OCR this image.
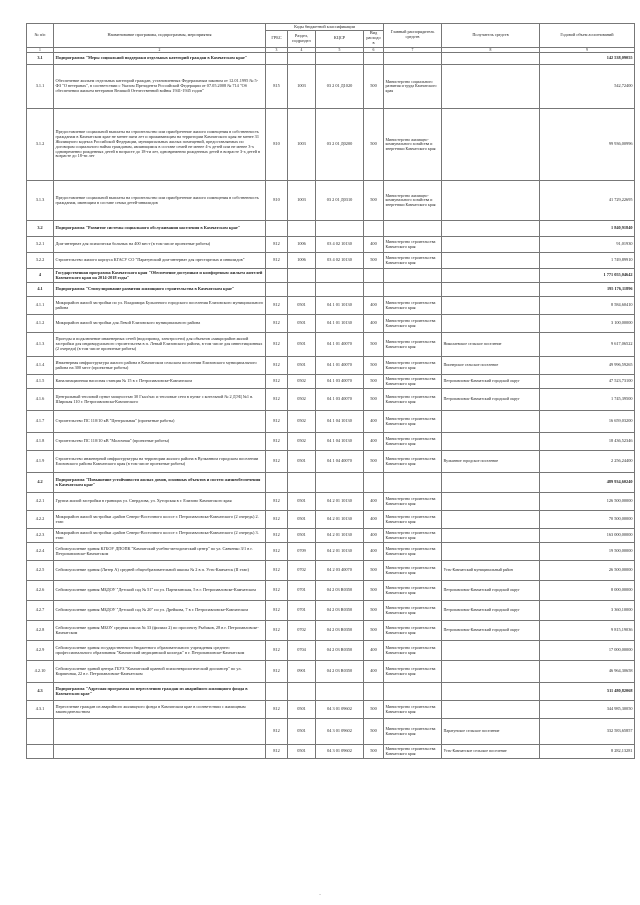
№ п/п	Наименование программы, подпрограммы, мероприятия	Коды бюджетной классификации				Главный распорядитель средств	Получатель средств	Годовой объем ассигнований
		ГРБС	Раздел, подраздел	КЦСР	Вид расходов			
1	2	3	4	5	6	7	8	9
3.1	Подпрограмма "Меры социальной поддержки отдельных категорий граждан в Камчатском крае"							142 538,09055
3.1.1	Обеспечение жильем отдельных категорий граждан, установленных Федеральным законом от 12.01.1995 № 5-ФЗ "О ветеранах", в соответствии с Указом Президента Российской Федерации от 07.05.2008 № 714 "Об обеспечении жильем ветеранов Великой Отечественной войны 1941-1945 годов"	815	1003	03 2 01 Д1020	500	Министерство социального развития и труда Камчатского края		542,72400
3.1.2	Предоставление социальной выплаты на строительство или приобретение жилого помещения в собственность гражданам в Камчатском крае не менее пяти лет и проживающим на территории Камчатского края не менее 31 Жилищного кодекса Российской Федерации, муниципальных жилых помещений, предоставляемых по договорам социального найма гражданам, являющимся в составе семей не менее 4-х детей или не менее 3-х одновременно рожденных детей в возрасте до 18-ти лет, одновременно рожденных детей в возрасте 3-х детей в возрасте до 18-ти лет	810	1003	03 2 01 Д0200	500	Министерство жилищно-коммунального хозяйства и энергетики Камчатского края		99 936,00996
3.1.3	Предоставление социальной выплаты на строительство или приобретение жилого помещения в собственность гражданам, имеющим в составе семьи детей-инвалидов	810	1003	03 2 01 Д0310	500	Министерство жилищно-коммунального хозяйства и энергетики Камчатского края		41 729,22695
3.2	Подпрограмма "Развитие системы социального обслуживания населения в Камчатском крае"							1 840,91840
3.2.1	Дом-интернат для психически больных на 400 мест (в том числе проектные работы)	812	1006	03 4 02 10130	400	Министерство строительства Камчатского края		91,01930
3.2.2	Строительство жилого корпуса КГАСУ СО "Паратунский дом-интернат для престарелых и инвалидов"	812	1006	03 4 02 10130	500	Министерство строительства Камчатского края		1 749,89910
4	Государственная программа Камчатского края "Обеспечение доступным и комфортным жильем жителей Камчатского края на 2014-2018 годы"							1 771 055,04642
4.1	Подпрограмма "Стимулирование развития жилищного строительства в Камчатском крае"							195 176,11896
4.1.1	Микрорайон жилой застройки по ул. Владимира Бульонного городского поселения Елизовского муниципального района	812	0501	04 1 01 10130	400	Министерство строительства Камчатского края		8 584,60410
4.1.2	Микрорайон жилой застройки для Левой Елизовского муниципального района	812	0501	04 1 01 10130	400	Министерство строительства Камчатского края		3 100,00000
4.1.3	Проезды и подключение инженерных сетей (водопровод, электросети) для объектов «микрорайон жилой застройки для индивидуального строительства в п. Левый Елизовского района, в том числе для инвестиционных (2 очереди) (в том числе проектные работы)	812	0501	04 1 01 40070	500	Министерство строительства Камчатского края	Николаевское сельское поселение	9 617,06522
4.1.4	Инженерная инфраструктура жилого района в Камчатском сельском поселении Елизовского муниципального района на 300 мест (проектные работы)	812	0501	04 1 01 40070	500	Министерство строительства Камчатского края	Пионерское сельское поселение	49 996,59265
4.1.5	Канализационная насосная станция № 15 в г. Петропавловске-Камчатском	812	0502	04 1 03 40070	500	Министерство строительства Камчатского края	Петропавловск-Камчатский городской округ	47 523,73100
4.1.6	Центральный тепловой пункт мощностью 30 Гкал/час и тепловые сети в пункт с котельной № 2 ДЭЦ №1 в. Широкая 110 г. Петропавловска-Камчатского	812	0502	04 1 03 40070	500	Министерство строительства Камчатского края	Петропавловск-Камчатский городской округ	1 745,39500
4.1.7	Строительство ПС 110/10 кВ "Центральная" (проектные работы)	812	0502	04 1 04 10130	400	Министерство строительства Камчатского края		16 659,03200
4.1.8	Строительство ПС 110/10 кВ "Молочная" (проектные работы)	812	0502	04 1 04 10130	400	Министерство строительства Камчатского края		18 436,52346
4.1.9	Строительство инженерной инфраструктуры на территории жилого района в Вулканном городском поселении Елизовского района Камчатского края (в том числе проектные работы)	812	0501	04 1 04 40070	500	Министерство строительства Камчатского края	Вулканное городское поселение	2 256,24400
4.2	Подпрограмма "Повышение устойчивости жилых домов, основных объектов и систем жизнеобеспечения в Камчатском крае"							489 934,60240
4.2.1	Группа жилой застройки в границах ул. Свердлова, ул. Хуторская в г. Елизово Камчатского края	812	0501	04 2 01 10130	400	Министерство строительства Камчатского края		126 500,00000
4.2.2	Микрорайон жилой застройки «район Северо-Восточного шоссе г. Петропавловска-Камчатского (2 очередь) 2. этап	812	0501	04 2 01 10130	400	Министерство строительства Камчатского края		70 500,00000
4.2.3	Микрорайон жилой застройки «район Северо-Восточного шоссе г. Петропавловска-Камчатского (2 очередь) 3. этап	812	0501	04 2 01 10130	400	Министерство строительства Камчатского края		163 000,00000
4.2.4	Сейсмоусиление здания КГБОУ ДПОПК "Камчатский учебно-методический центр" по ул. Савченко 3/1 в г. Петропавловске-Камчатском	812	0709	04 2 01 10130	400	Министерство строительства Камчатского края		19 500,00000
4.2.5	Сейсмоусиление здания (Литер А) средней общеобразовательной школы № 2 в п. Усть-Камчатск (II этап)	812	0702	04 2 03 40070	500	Министерство строительства Камчатского края	Усть-Камчатский муниципальный район	26 500,00000
4.2.6	Сейсмоусиление здания МБДОУ "Детский сад № 51" по ул. Партизанская, 5 в г. Петропавловске-Камчатском	812	0701	04 2 03 R0350	500	Министерство строительства Камчатского края	Петропавловск-Камчатский городской округ	8 000,00000
4.2.7	Сейсмоусиление здания МБДОУ "Детский сад № 20" по ул. Дрейкова, 7 в г. Петропавловске-Камчатском	812	0701	04 2 03 R0350	500	Министерство строительства Камчатского края	Петропавловск-Камчатский городской округ	3 360,10000
4.2.8	Сейсмоусиление здания МБОУ средняя школа № 33 (филиал 2) по проспекту Рыбаков, 28 в г. Петропавловске-Камчатском	812	0702	04 2 03 R0350	500	Министерство строительства Камчатского края	Петропавловск-Камчатский городской округ	9 815,19036
4.2.9	Сейсмоусиление здания государственного бюджетного образовательного учреждения среднего профессионального образования "Камчатский медицинский колледж" в г. Петропавловске-Камчатском	812	0704	04 2 03 R0350	400	Министерство строительства Камчатского края		17 000,00000
4.2.10	Сейсмоусиление зданий центра ГБУЗ "Камчатский краевой психоневрологический диспансер" по ул. Кирпичная, 22 в г. Петропавловске-Камчатском	812	0901	04 2 03 R0350	400	Министерство строительства Камчатского края		46 964,30658
4.3	Подпрограмма "Адресная программа по переселению граждан из аварийного жилищного фонда в Камчатском крае"							511 480,82068
4.3.1	Переселение граждан из аварийного жилищного фонда в Камчатском крае в соответствии с жилищным законодательством	812	0501	04 3 01 09602	500	Министерство строительства Камчатского края		344 985,30050
		812	0501	04 3 01 09602	500	Министерство строительства Камчатского края	Паратунское сельское поселение	332 583,65857
		812	0501	04 3 01 09602	500	Министерство строительства Камчатского края	Усть-Камчатское сельское поселение	8 282,13281
-
